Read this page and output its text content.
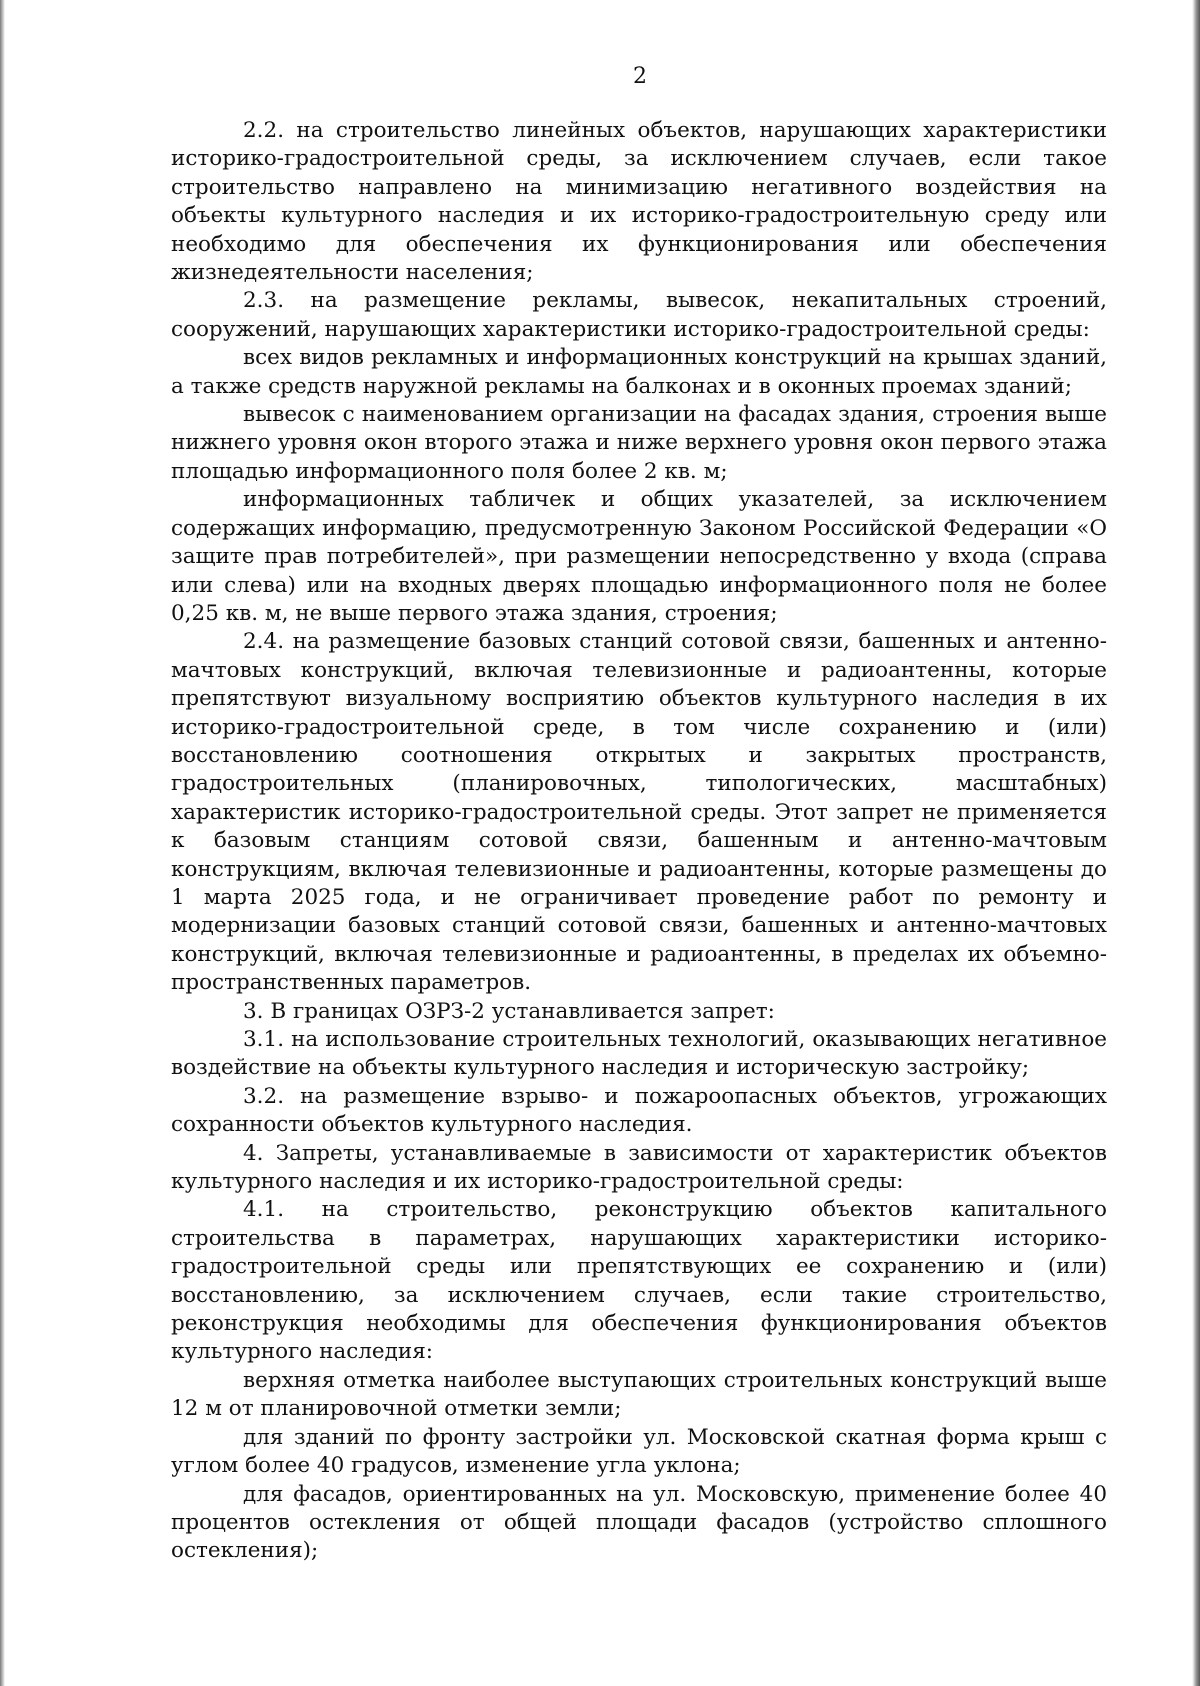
2

2.2. на строительство линейных объектов, нарушающих характеристики историко-градостроительной среды, за исключением случаев, если такое строительство направлено на минимизацию негативного воздействия на объекты культурного наследия и их историко-градостроительную среду или необходимо для обеспечения их функционирования или обеспечения жизнедеятельности населения;

2.3. на размещение рекламы, вывесок, некапитальных строений, сооружений, нарушающих характеристики историко-градостроительной среды:

всех видов рекламных и информационных конструкций на крышах зданий, а также средств наружной рекламы на балконах и в оконных проемах зданий;

вывесок с наименованием организации на фасадах здания, строения выше нижнего уровня окон второго этажа и ниже верхнего уровня окон первого этажа площадью информационного поля более 2 кв. м;

информационных табличек и общих указателей, за исключением содержащих информацию, предусмотренную Законом Российской Федерации «О защите прав потребителей», при размещении непосредственно у входа (справа или слева) или на входных дверях площадью информационного поля не более 0,25 кв. м, не выше первого этажа здания, строения;

2.4. на размещение базовых станций сотовой связи, башенных и антенно-мачтовых конструкций, включая телевизионные и радиоантенны, которые препятствуют визуальному восприятию объектов культурного наследия в их историко-градостроительной среде, в том числе сохранению и (или) восстановлению соотношения открытых и закрытых пространств, градостроительных (планировочных, типологических, масштабных) характеристик историко-градостроительной среды. Этот запрет не применяется к базовым станциям сотовой связи, башенным и антенно-мачтовым конструкциям, включая телевизионные и радиоантенны, которые размещены до 1 марта 2025 года, и не ограничивает проведение работ по ремонту и модернизации базовых станций сотовой связи, башенных и антенно-мачтовых конструкций, включая телевизионные и радиоантенны, в пределах их объемно-пространственных параметров.

3. В границах ОЗРЗ-2 устанавливается запрет:

3.1. на использование строительных технологий, оказывающих негативное воздействие на объекты культурного наследия и историческую застройку;

3.2. на размещение взрыво- и пожароопасных объектов, угрожающих сохранности объектов культурного наследия.

4. Запреты, устанавливаемые в зависимости от характеристик объектов культурного наследия и их историко-градостроительной среды:

4.1. на строительство, реконструкцию объектов капитального строительства в параметрах, нарушающих характеристики историко-градостроительной среды или препятствующих ее сохранению и (или) восстановлению, за исключением случаев, если такие строительство, реконструкция необходимы для обеспечения функционирования объектов культурного наследия:

верхняя отметка наиболее выступающих строительных конструкций выше 12 м от планировочной отметки земли;

для зданий по фронту застройки ул. Московской скатная форма крыш с углом более 40 градусов, изменение угла уклона;

для фасадов, ориентированных на ул. Московскую, применение более 40 процентов остекления от общей площади фасадов (устройство сплошного остекления);
